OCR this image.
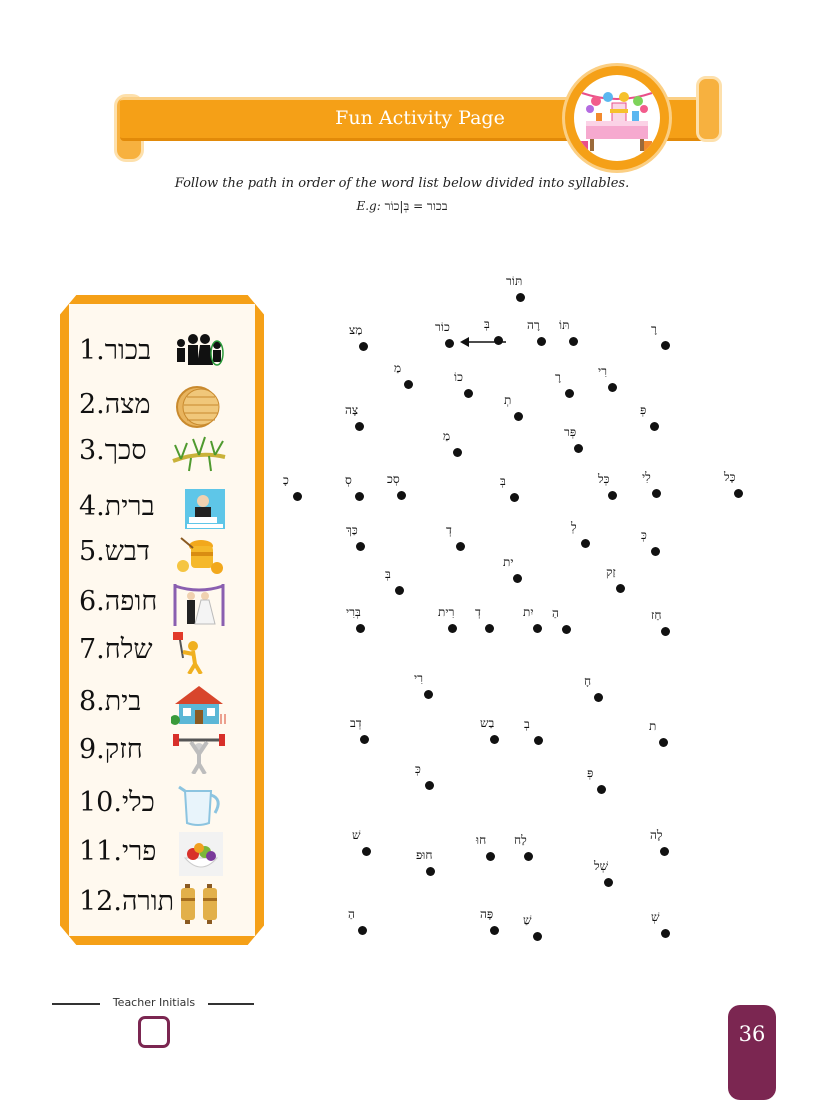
Fun Activity Page
Follow the path in order of the word list below divided into syllables.
E.g: בכור = בְּ|כוֹר
1.בכור
2.מצה
3.סכך
4.ברית
5.דבש
6.חופה
7.שלח
8.בית
9.חזק
10.כלי
11.פרי
12.תורה
תּוֹר
מַצ	כוֹר	בְּ	רָה תּוֹ	רָ
מַ
כוֹ	רָ	רִי
צָה
תְ
פְּ
מַ	פְּר
כָ	סְ	סְכ	בְּ	כְּל	לִי	כָּל
כַּךְ	דְ	לְ
כְּ
ית
זַק
בְּ
בְּרִי	רִית דְ	יִת הַ	חַז
רִי	חָ
דְב	בַש בְ	ת
כְּ	פְּ
שׁ	לָה
לַח
חוּ
חוּפ
שְׁל
הַ	פָּה שַׁ	שְׁ
Teacher Initials
36
